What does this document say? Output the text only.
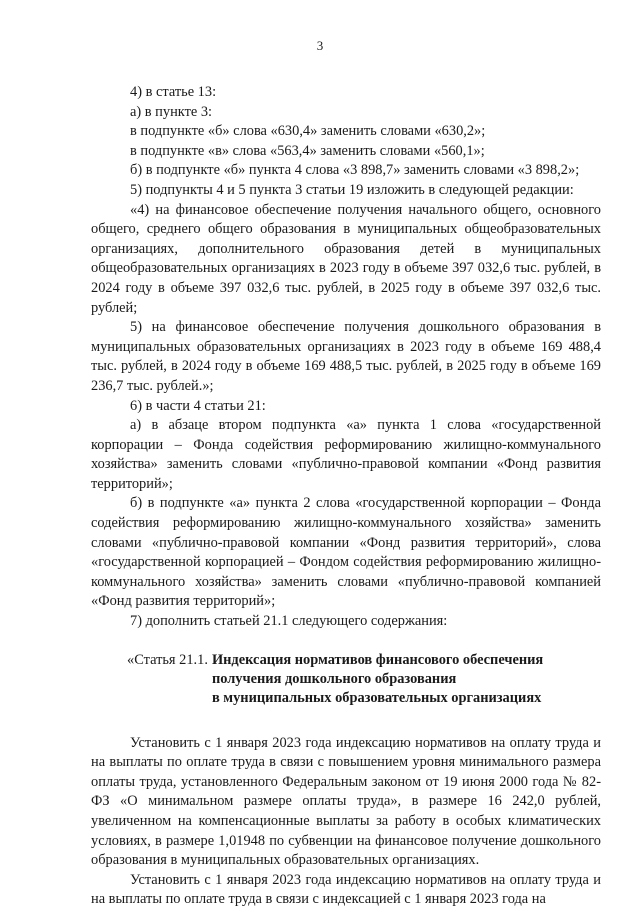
3

4) в статье 13:

а) в пункте 3:

в подпункте «б» слова «630,4» заменить словами «630,2»;

в подпункте «в» слова «563,4» заменить словами «560,1»;

б) в подпункте «б» пункта 4 слова «3 898,7» заменить словами «3 898,2»;

5) подпункты 4 и 5 пункта 3 статьи 19 изложить в следующей редакции:

«4) на финансовое обеспечение получения начального общего, основного общего, среднего общего образования в муниципальных общеобразовательных организациях, дополнительного образования детей в муниципальных общеобразовательных организациях в 2023 году в объеме 397 032,6 тыс. рублей, в 2024 году в объеме 397 032,6 тыс. рублей, в 2025 году в объеме 397 032,6 тыс. рублей;

5) на финансовое обеспечение получения дошкольного образования в муниципальных образовательных организациях в 2023 году в объеме 169 488,4 тыс. рублей, в 2024 году в объеме 169 488,5 тыс. рублей, в 2025 году в объеме 169 236,7 тыс. рублей.»;

6) в части 4 статьи 21:

а) в абзаце втором подпункта «а» пункта 1 слова «государственной корпорации – Фонда содействия реформированию жилищно-коммунального хозяйства» заменить словами «публично-правовой компании «Фонд развития территорий»;

б) в подпункте «а» пункта 2 слова «государственной корпорации – Фонда содействия реформированию жилищно-коммунального хозяйства» заменить словами «публично-правовой компании «Фонд развития территорий», слова «государственной корпорацией – Фондом содействия реформированию жилищно-коммунального хозяйства» заменить словами «публично-правовой компанией «Фонд развития территорий»;

7) дополнить статьей 21.1 следующего содержания:

«Статья 21.1. Индексация нормативов финансового обеспечения
получения дошкольного образования
в муниципальных образовательных организациях

Установить с 1 января 2023 года индексацию нормативов на оплату труда и на выплаты по оплате труда в связи с повышением уровня минимального размера оплаты труда, установленного Федеральным законом от 19 июня 2000 года № 82-ФЗ «О минимальном размере оплаты труда», в размере 16 242,0 рублей, увеличенном на компенсационные выплаты за работу в особых климатических условиях, в размере 1,01948 по субвенции на финансовое получение дошкольного образования в муниципальных образовательных организациях.

Установить с 1 января 2023 года индексацию нормативов на оплату труда и на выплаты по оплате труда в связи с индексацией с 1 января 2023 года на
